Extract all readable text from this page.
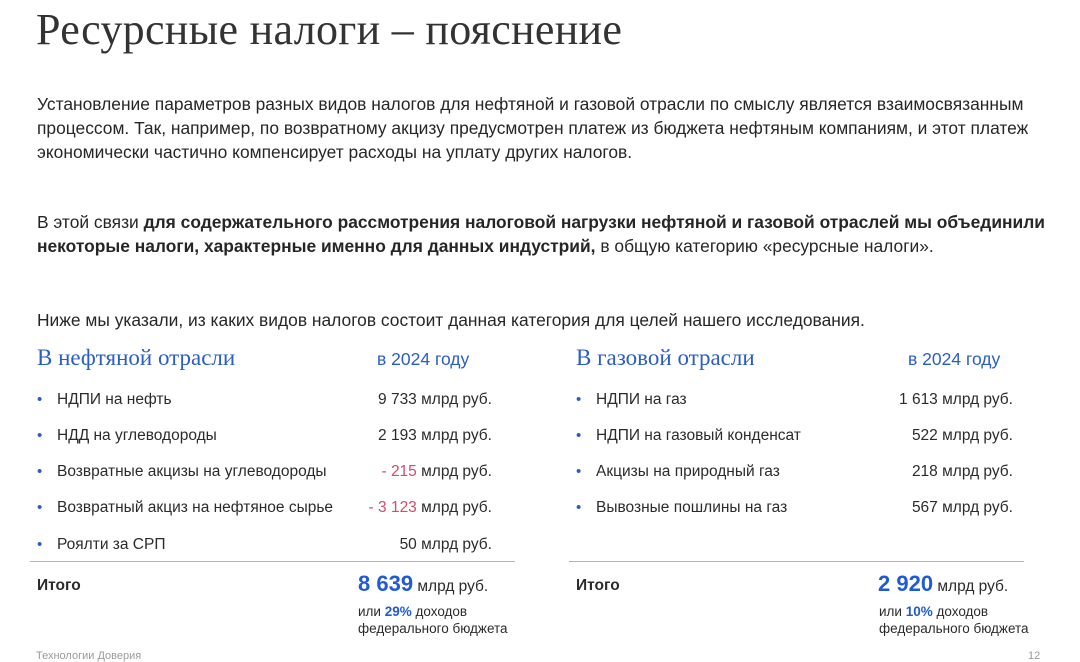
Ресурсные налоги – пояснение
Установление параметров разных видов налогов для нефтяной и газовой отрасли по смыслу является взаимосвязанным процессом. Так, например, по возвратному акцизу предусмотрен платеж из бюджета нефтяным компаниям, и этот платеж экономически частично компенсирует расходы на уплату других налогов.
В этой связи для содержательного рассмотрения налоговой нагрузки нефтяной и газовой отраслей мы объединили некоторые налоги, характерные именно для данных индустрий, в общую категорию «ресурсные налоги».
Ниже мы указали, из каких видов налогов состоит данная категория для целей нашего исследования.
В нефтяной отрасли	в 2024 году
• НДПИ на нефть	9 733 млрд руб.
• НДД на углеводороды	2 193 млрд руб.
• Возвратные акцизы на углеводороды	- 215 млрд руб.
• Возвратный акциз на нефтяное сырье - 3 123 млрд руб.
• Роялти за СРП	50 млрд руб.
Итого	8 639 млрд руб.
или 29% доходов
федерального бюджета
В газовой отрасли	в 2024 году
• НДПИ на газ	1 613 млрд руб.
• НДПИ на газовый конденсат	522 млрд руб.
• Акцизы на природный газ	218 млрд руб.
• Вывозные пошлины на газ	567 млрд руб.
Итого	2 920 млрд руб.
или 10% доходов
федерального бюджета
Технологии Доверия	12
